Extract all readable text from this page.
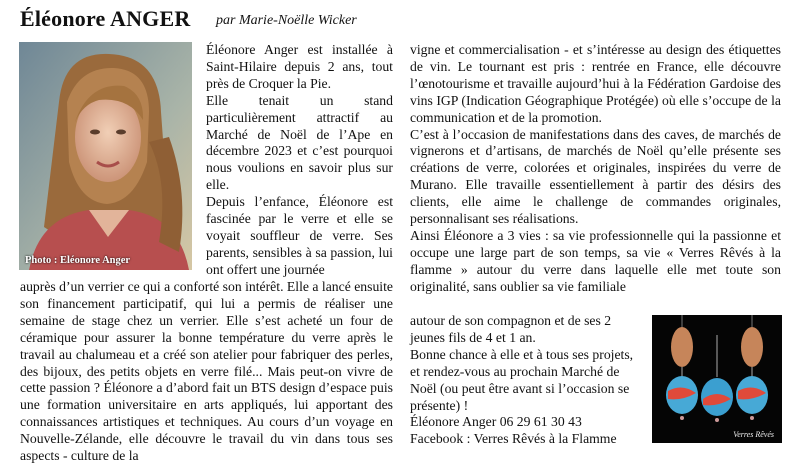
Éléonore ANGER par Marie-Noëlle Wicker
Photo : Eléonore Anger

Éléonore Anger est installée à Saint-Hilaire depuis 2 ans, tout près de Croquer la Pie.

Elle tenait un stand particulièrement attractif au Marché de Noël de l’Ape en décembre 2023 et c’est pourquoi nous voulions en savoir plus sur elle.

Depuis l’enfance, Éléonore est fascinée par le verre et elle se voyait souffleur de verre. Ses parents, sensibles à sa passion, lui ont offert une journée

auprès d’un verrier ce qui a conforté son intérêt. Elle a lancé ensuite son financement participatif, qui lui a permis de réaliser une semaine de stage chez un verrier. Elle s’est acheté un four de céramique pour assurer la bonne température du verre après le travail au chalumeau et a créé son atelier pour fabriquer des perles, des bijoux, des petits objets en verre filé... Mais peut-on vivre de cette passion ? Éléonore a d’abord fait un BTS design d’espace puis une formation universitaire en arts appliqués, lui apportant des connaissances artistiques et techniques. Au cours d’un voyage en Nouvelle-Zélande, elle découvre le travail du vin dans tous ses aspects - culture de la

vigne et commercialisation - et s’intéresse au design des étiquettes de vin. Le tournant est pris : rentrée en France, elle découvre l’œnotourisme et travaille aujourd’hui à la Fédération Gardoise des vins IGP (Indication Géographique Protégée) où elle s’occupe de la communication et de la promotion.

C’est à l’occasion de manifestations dans des caves, de marchés de vignerons et d’artisans, de marchés de Noël qu’elle présente ses créations de verre, colorées et originales, inspirées du verre de Murano. Elle travaille essentiellement à partir des désirs des clients, elle aime le challenge de commandes originales, personnalisant ses réalisations.

Ainsi Éléonore a 3 vies : sa vie professionnelle qui la passionne et occupe une large part de son temps, sa vie « Verres Rêvés à la flamme » autour du verre dans laquelle elle met toute son originalité, sans oublier sa vie familiale

autour de son compagnon et de ses 2 jeunes fils de 4 et 1 an.

Bonne chance à elle et à tous ses projets, et rendez-vous au prochain Marché de Noël (ou peut être avant si l’occasion se présente) !

Éléonore Anger 06 29 61 30 43

Facebook : Verres Rêvés à la Flamme	Verres Rêvés
